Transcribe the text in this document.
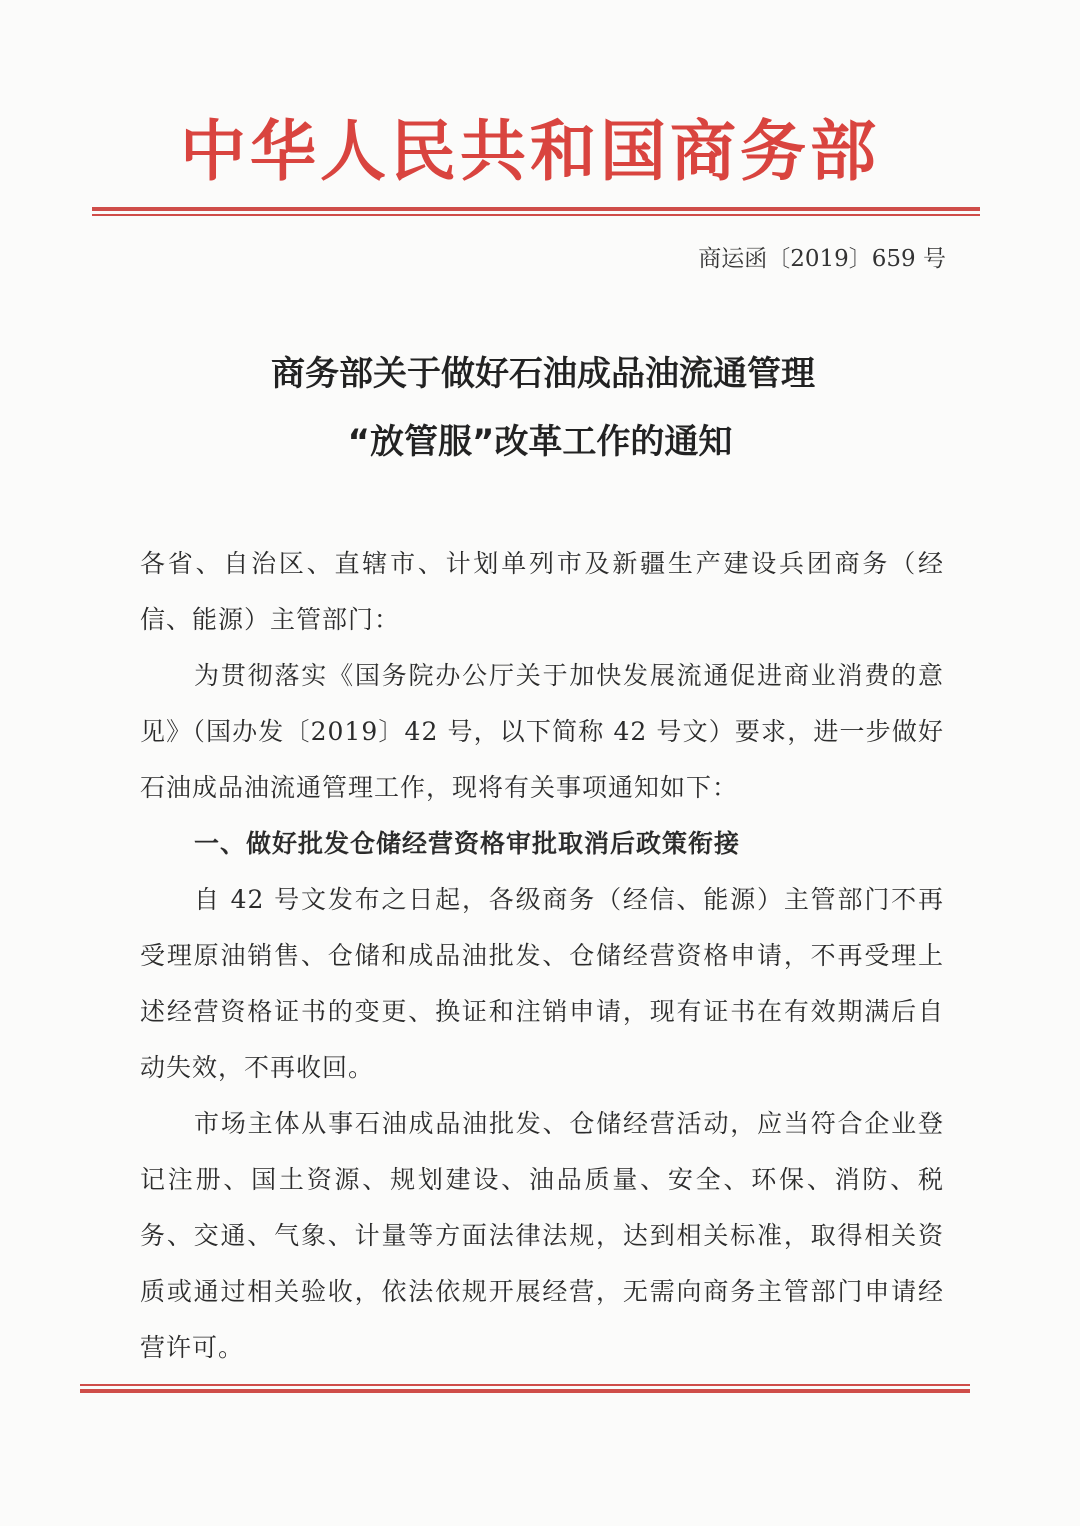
中华人民共和国商务部
商运函〔2019〕659 号
商务部关于做好石油成品油流通管理
“放管服”改革工作的通知

各省、自治区、直辖市、计划单列市及新疆生产建设兵团商务（经信、能源）主管部门：

为贯彻落实《国务院办公厅关于加快发展流通促进商业消费的意见》（国办发〔2019〕42 号，以下简称 42 号文）要求，进一步做好石油成品油流通管理工作，现将有关事项通知如下：

一、做好批发仓储经营资格审批取消后政策衔接

自 42 号文发布之日起，各级商务（经信、能源）主管部门不再受理原油销售、仓储和成品油批发、仓储经营资格申请，不再受理上述经营资格证书的变更、换证和注销申请，现有证书在有效期满后自动失效，不再收回。

市场主体从事石油成品油批发、仓储经营活动，应当符合企业登记注册、国土资源、规划建设、油品质量、安全、环保、消防、税务、交通、气象、计量等方面法律法规，达到相关标准，取得相关资质或通过相关验收，依法依规开展经营，无需向商务主管部门申请经营许可。
